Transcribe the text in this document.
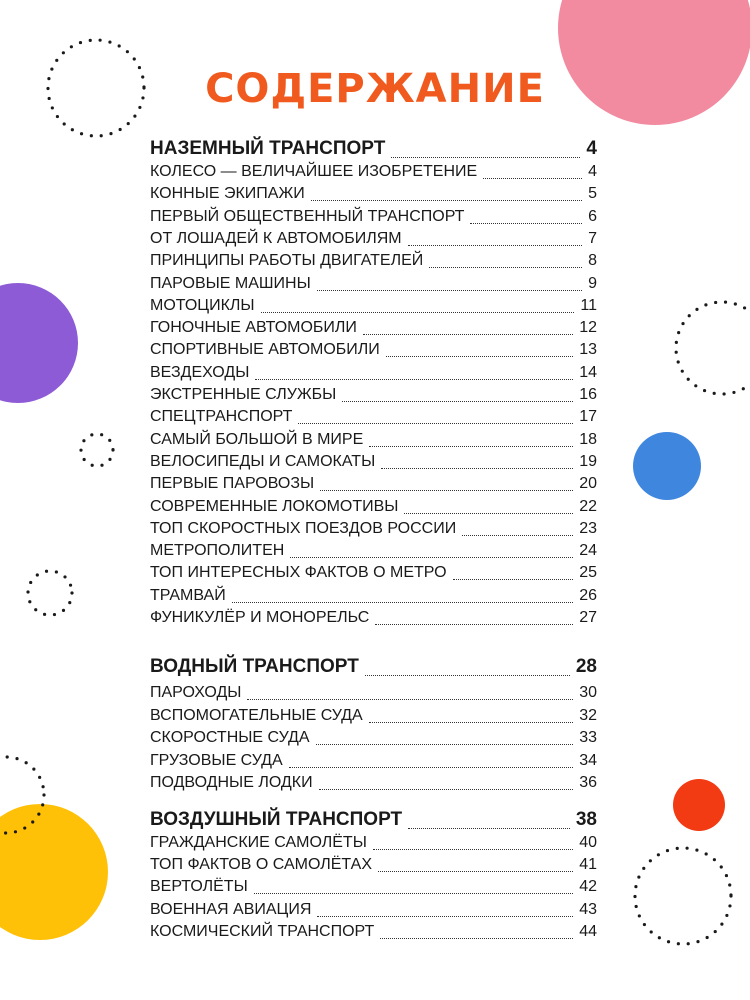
СОДЕРЖАНИЕ
НАЗЕМНЫЙ ТРАНСПОРТ	4
КОЛЕСО — ВЕЛИЧАЙШЕЕ ИЗОБРЕТЕНИЕ	4
КОННЫЕ ЭКИПАЖИ	5
ПЕРВЫЙ ОБЩЕСТВЕННЫЙ ТРАНСПОРТ	6
ОТ ЛОШАДЕЙ К АВТОМОБИЛЯМ	7
ПРИНЦИПЫ РАБОТЫ ДВИГАТЕЛЕЙ	8
ПАРОВЫЕ МАШИНЫ	9
МОТОЦИКЛЫ	11
ГОНОЧНЫЕ АВТОМОБИЛИ	12
СПОРТИВНЫЕ АВТОМОБИЛИ	13
ВЕЗДЕХОДЫ	14
ЭКСТРЕННЫЕ СЛУЖБЫ	16
СПЕЦТРАНСПОРТ	17
САМЫЙ БОЛЬШОЙ В МИРЕ	18
ВЕЛОСИПЕДЫ И САМОКАТЫ	19
ПЕРВЫЕ ПАРОВОЗЫ	20
СОВРЕМЕННЫЕ ЛОКОМОТИВЫ	22
ТОП СКОРОСТНЫХ ПОЕЗДОВ РОССИИ	23
МЕТРОПОЛИТЕН	24
ТОП ИНТЕРЕСНЫХ ФАКТОВ О МЕТРО	25
ТРАМВАЙ	26
ФУНИКУЛЁР И МОНОРЕЛЬС	27
ВОДНЫЙ ТРАНСПОРТ	28
ПАРОХОДЫ	30
ВСПОМОГАТЕЛЬНЫЕ СУДА	32
СКОРОСТНЫЕ СУДА	33
ГРУЗОВЫЕ СУДА	34
ПОДВОДНЫЕ ЛОДКИ	36
ВОЗДУШНЫЙ ТРАНСПОРТ	38
ГРАЖДАНСКИЕ САМОЛЁТЫ	40
ТОП ФАКТОВ О САМОЛЁТАХ	41
ВЕРТОЛЁТЫ	42
ВОЕННАЯ АВИАЦИЯ	43
КОСМИЧЕСКИЙ ТРАНСПОРТ	44
